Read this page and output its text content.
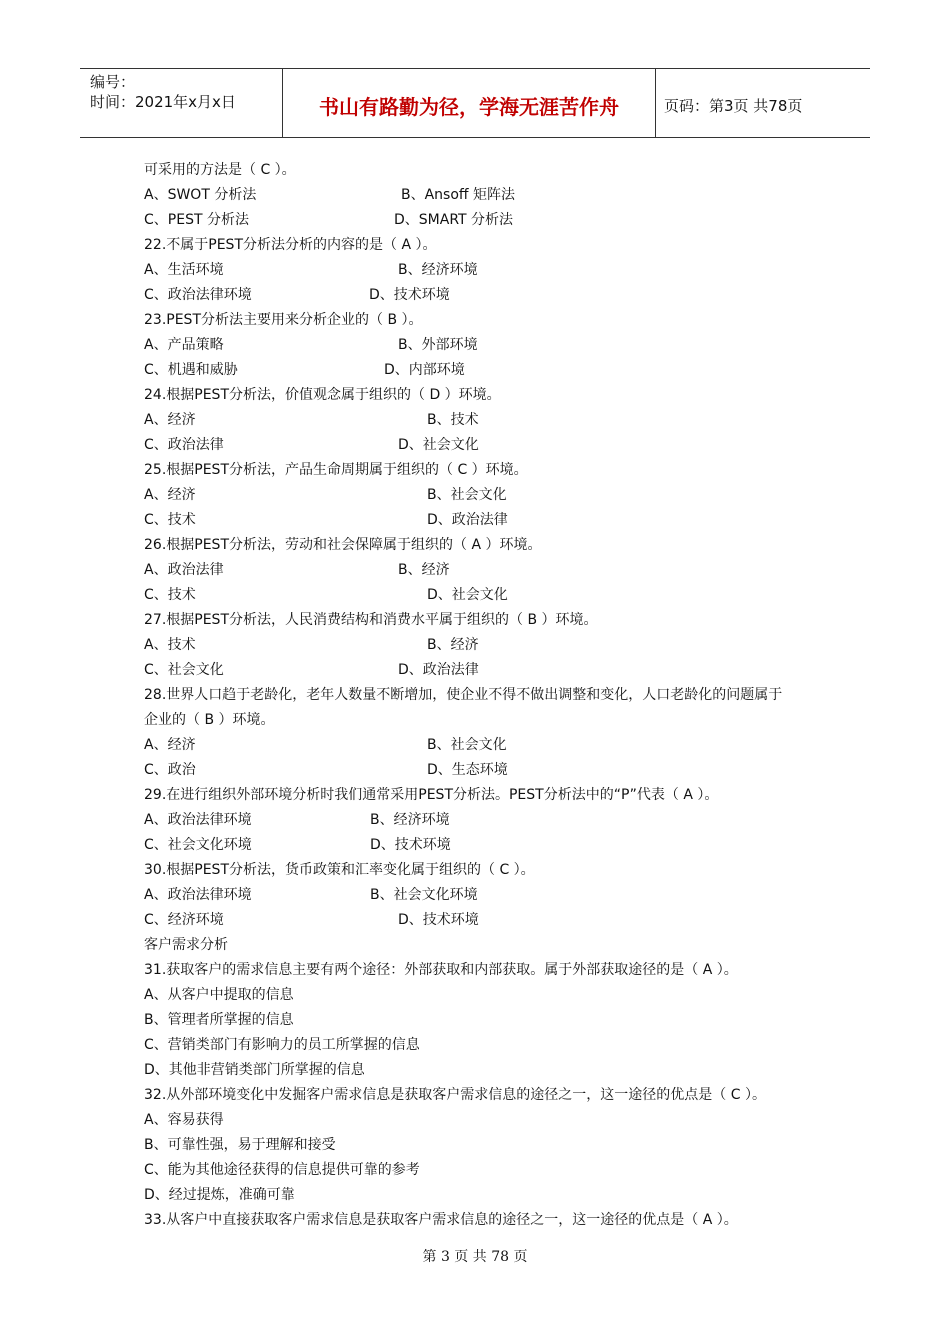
编号：
时间：2021年x月x日	书山有路勤为径，学海无涯苦作舟	页码：第3页 共78页
可采用的方法是（ C ）。
A、SWOT 分析法	B、Ansoff 矩阵法
C、PEST 分析法	D、SMART 分析法
22.不属于PEST分析法分析的内容的是（ A ）。
A、生活环境	B、经济环境
C、政治法律环境	D、技术环境
23.PEST分析法主要用来分析企业的（ B ）。
A、产品策略	B、外部环境
C、机遇和威胁	D、内部环境
24.根据PEST分析法，价值观念属于组织的（ D ）环境。
A、经济	B、技术
C、政治法律	D、社会文化
25.根据PEST分析法，产品生命周期属于组织的（ C ）环境。
A、经济	B、社会文化
C、技术	D、政治法律
26.根据PEST分析法，劳动和社会保障属于组织的（ A ）环境。
A、政治法律	B、经济
C、技术	D、社会文化
27.根据PEST分析法，人民消费结构和消费水平属于组织的（ B ）环境。
A、技术	B、经济
C、社会文化	D、政治法律
28.世界人口趋于老龄化，老年人数量不断增加，使企业不得不做出调整和变化，人口老龄化的问题属于
企业的（ B ）环境。
A、经济	B、社会文化
C、政治	D、生态环境
29.在进行组织外部环境分析时我们通常采用PEST分析法。PEST分析法中的“P”代表（ A ）。
A、政治法律环境	B、经济环境
C、社会文化环境	D、技术环境
30.根据PEST分析法，货币政策和汇率变化属于组织的（ C ）。
A、政治法律环境	B、社会文化环境
C、经济环境	D、技术环境
客户需求分析
31.获取客户的需求信息主要有两个途径：外部获取和内部获取。属于外部获取途径的是（ A ）。
A、从客户中提取的信息
B、管理者所掌握的信息
C、营销类部门有影响力的员工所掌握的信息
D、其他非营销类部门所掌握的信息
32.从外部环境变化中发掘客户需求信息是获取客户需求信息的途径之一，这一途径的优点是（ C ）。
A、容易获得
B、可靠性强，易于理解和接受
C、能为其他途径获得的信息提供可靠的参考
D、经过提炼，准确可靠
33.从客户中直接获取客户需求信息是获取客户需求信息的途径之一，这一途径的优点是（ A ）。
第 3 页 共 78 页
